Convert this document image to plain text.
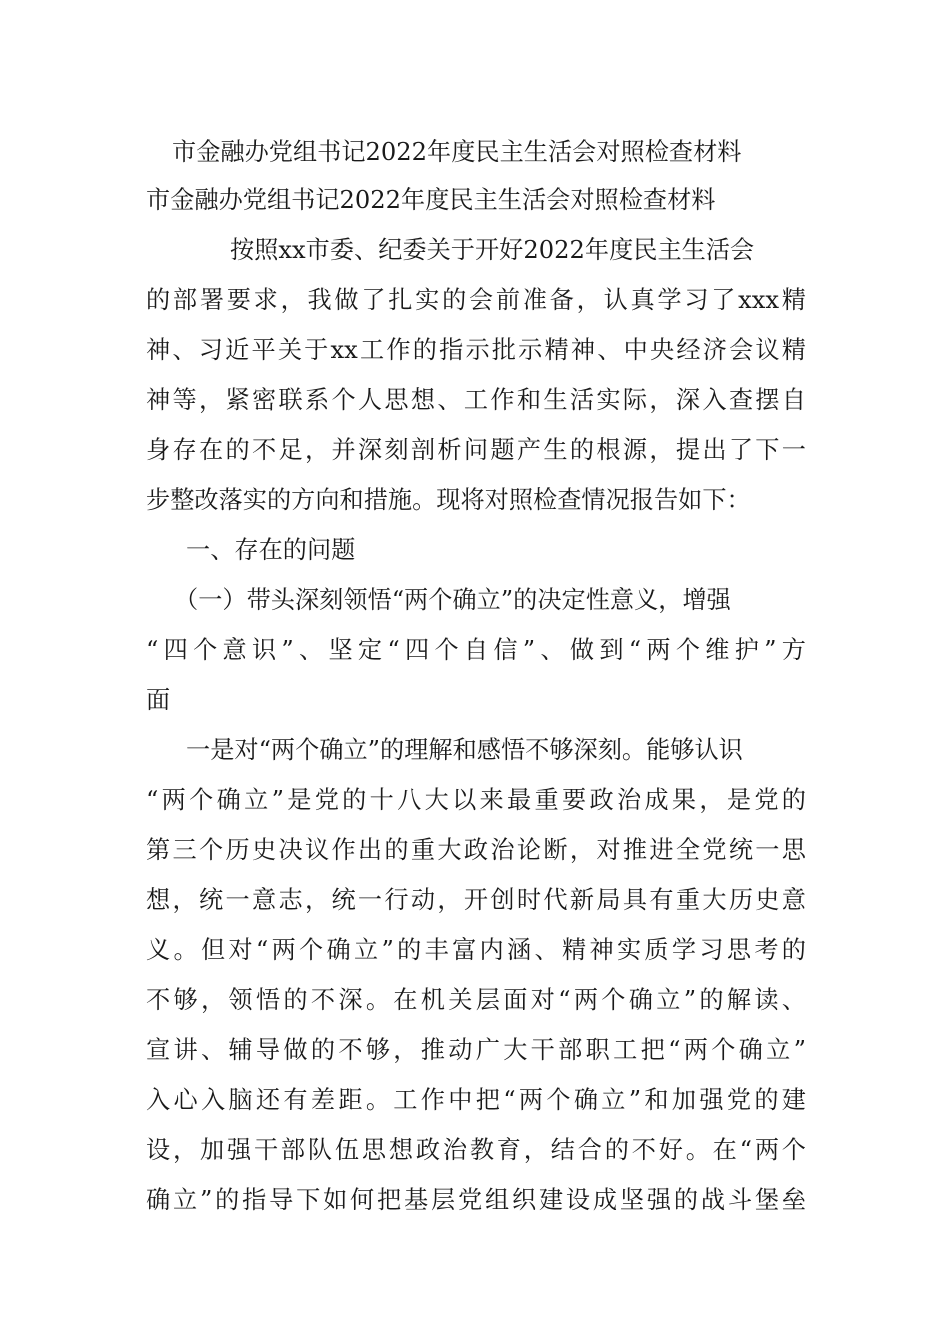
市金融办党组书记2022年度民主生活会对照检查材料
市金融办党组书记2022年度民主生活会对照检查材料
按照xx市委、纪委关于开好2022年度民主生活会
的部署要求，我做了扎实的会前准备，认真学习了xxx精
神、习近平关于xx工作的指示批示精神、中央经济会议精
神等，紧密联系个人思想、工作和生活实际，深入查摆自
身存在的不足，并深刻剖析问题产生的根源，提出了下一
步整改落实的方向和措施。现将对照检查情况报告如下：
一、存在的问题
（一）带头深刻领悟“两个确立”的决定性意义，增强
“四个意识”、坚定“四个自信”、做到“两个维护”方
面
一是对“两个确立”的理解和感悟不够深刻。能够认识
“两个确立”是党的十八大以来最重要政治成果，是党的
第三个历史决议作出的重大政治论断，对推进全党统一思
想，统一意志，统一行动，开创时代新局具有重大历史意
义。但对“两个确立”的丰富内涵、精神实质学习思考的
不够，领悟的不深。在机关层面对“两个确立”的解读、
宣讲、辅导做的不够，推动广大干部职工把“两个确立”
入心入脑还有差距。工作中把“两个确立”和加强党的建
设，加强干部队伍思想政治教育，结合的不好。在“两个
确立”的指导下如何把基层党组织建设成坚强的战斗堡垒
